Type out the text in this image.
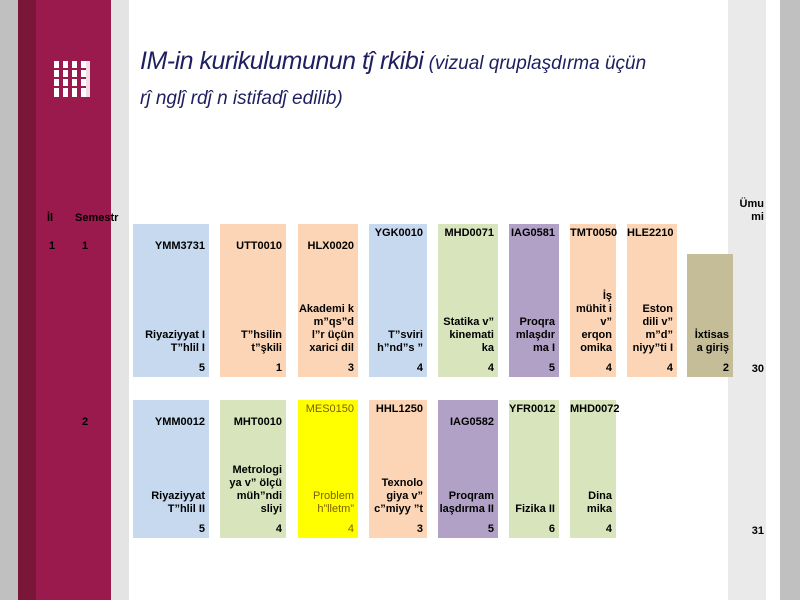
IM-in kurikulumunun tĵ rkibi (vizual qruplaşdırma üçün
rĵ nglĵ rdĵ n istifadĵ edilib)
İl Semestr
Ümu
mi
1 1
30
YMM3731
Riyaziyyat I T”hlil I
5
UTT0010
T”hsilin t”şkili
1
HLX0020
Akademi k m”qs”d l”r üçün xarici dil
3
YGK0010
T”sviri h”nd”s ”
4
MHD0071
Statika v” kinemati ka
4
IAG0581
Proqra mlaşdır ma I
5
TMT0050
İş mühit i v” erqon omika
4
HLE2210
Eston dili v” m”d” niyy”ti I
4
İxtisas a giriş
2
2
31
YMM0012
Riyaziyyat T”hlil II
5
MHT0010
Metrologi ya v” ölçü müh”ndi sliyi
4
MES0150
Problem h”lletm”
4
HHL1250
Texnolo giya v” c”miyy ”t
3
IAG0582
Proqram laşdırma II
5
YFR0012
Fizika II
6
MHD0072
Dina mika
4
